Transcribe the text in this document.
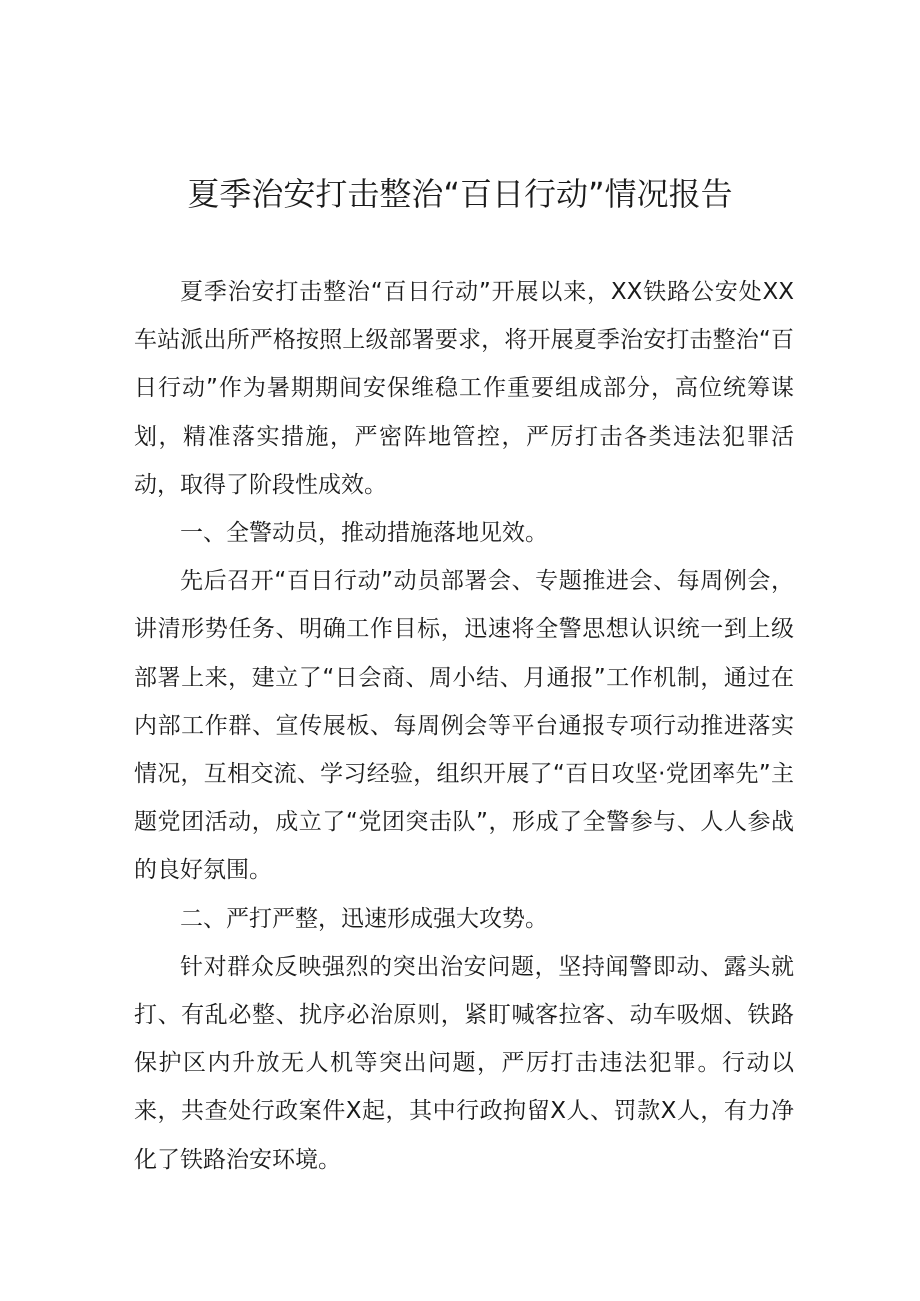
夏季治安打击整治“百日行动”情况报告

夏季治安打击整治“百日行动”开展以来，XX铁路公安处XX车站派出所严格按照上级部署要求，将开展夏季治安打击整治“百日行动”作为暑期期间安保维稳工作重要组成部分，高位统筹谋划，精准落实措施，严密阵地管控，严厉打击各类违法犯罪活动，取得了阶段性成效。

一、全警动员，推动措施落地见效。

先后召开“百日行动”动员部署会、专题推进会、每周例会，讲清形势任务、明确工作目标，迅速将全警思想认识统一到上级部署上来，建立了“日会商、周小结、月通报”工作机制，通过在内部工作群、宣传展板、每周例会等平台通报专项行动推进落实情况，互相交流、学习经验，组织开展了“百日攻坚·党团率先”主题党团活动，成立了“党团突击队”，形成了全警参与、人人参战的良好氛围。

二、严打严整，迅速形成强大攻势。

针对群众反映强烈的突出治安问题，坚持闻警即动、露头就打、有乱必整、扰序必治原则，紧盯喊客拉客、动车吸烟、铁路保护区内升放无人机等突出问题，严厉打击违法犯罪。行动以来，共查处行政案件X起，其中行政拘留X人、罚款X人，有力净化了铁路治安环境。
